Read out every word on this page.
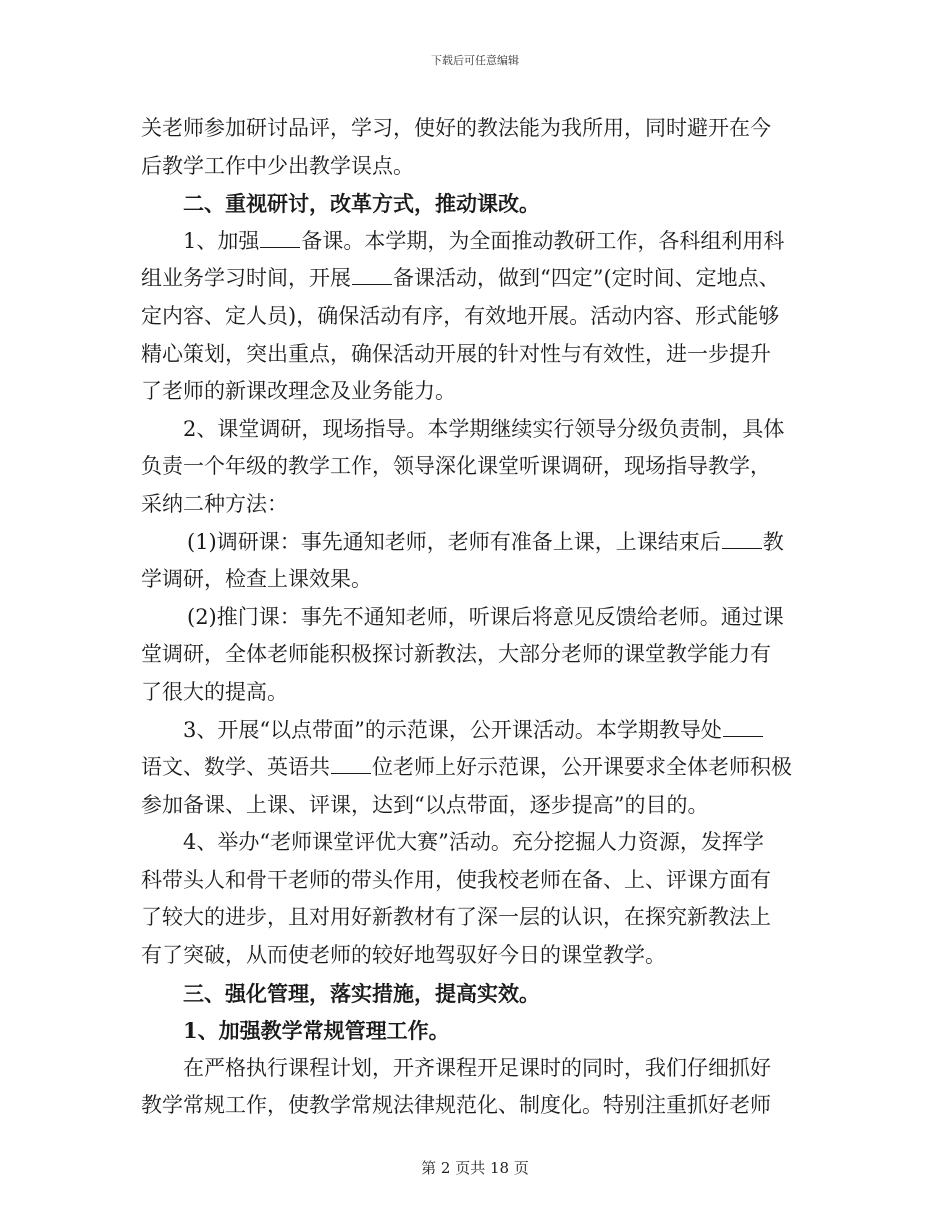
下载后可任意编辑
关老师参加研讨品评，学习，使好的教法能为我所用，同时避开在今
后教学工作中少出教学误点。
二、重视研讨，改革方式，推动课改。
1、加强 备课。本学期，为全面推动教研工作，各科组利用科
组业务学习时间，开展 备课活动，做到“四定”(定时间、定地点、
定内容、定人员)，确保活动有序，有效地开展。活动内容、形式能够
精心策划，突出重点，确保活动开展的针对性与有效性，进一步提升
了老师的新课改理念及业务能力。
2、课堂调研，现场指导。本学期继续实行领导分级负责制，具体
负责一个年级的教学工作，领导深化课堂听课调研，现场指导教学，
采纳二种方法：
(1)调研课：事先通知老师，老师有准备上课，上课结束后 教
学调研，检查上课效果。
(2)推门课：事先不通知老师，听课后将意见反馈给老师。通过课
堂调研，全体老师能积极探讨新教法，大部分老师的课堂教学能力有
了很大的提高。
3、开展“以点带面”的示范课，公开课活动。本学期教导处
语文、数学、英语共 位老师上好示范课，公开课要求全体老师积极
参加备课、上课、评课，达到“以点带面，逐步提高”的目的。
4、举办“老师课堂评优大赛”活动。充分挖掘人力资源，发挥学
科带头人和骨干老师的带头作用，使我校老师在备、上、评课方面有
了较大的进步，且对用好新教材有了深一层的认识，在探究新教法上
有了突破，从而使老师的较好地驾驭好今日的课堂教学。
三、强化管理，落实措施，提高实效。
1、加强教学常规管理工作。
在严格执行课程计划，开齐课程开足课时的同时，我们仔细抓好
教学常规工作，使教学常规法律规范化、制度化。特别注重抓好老师
第 2 页共 18 页
